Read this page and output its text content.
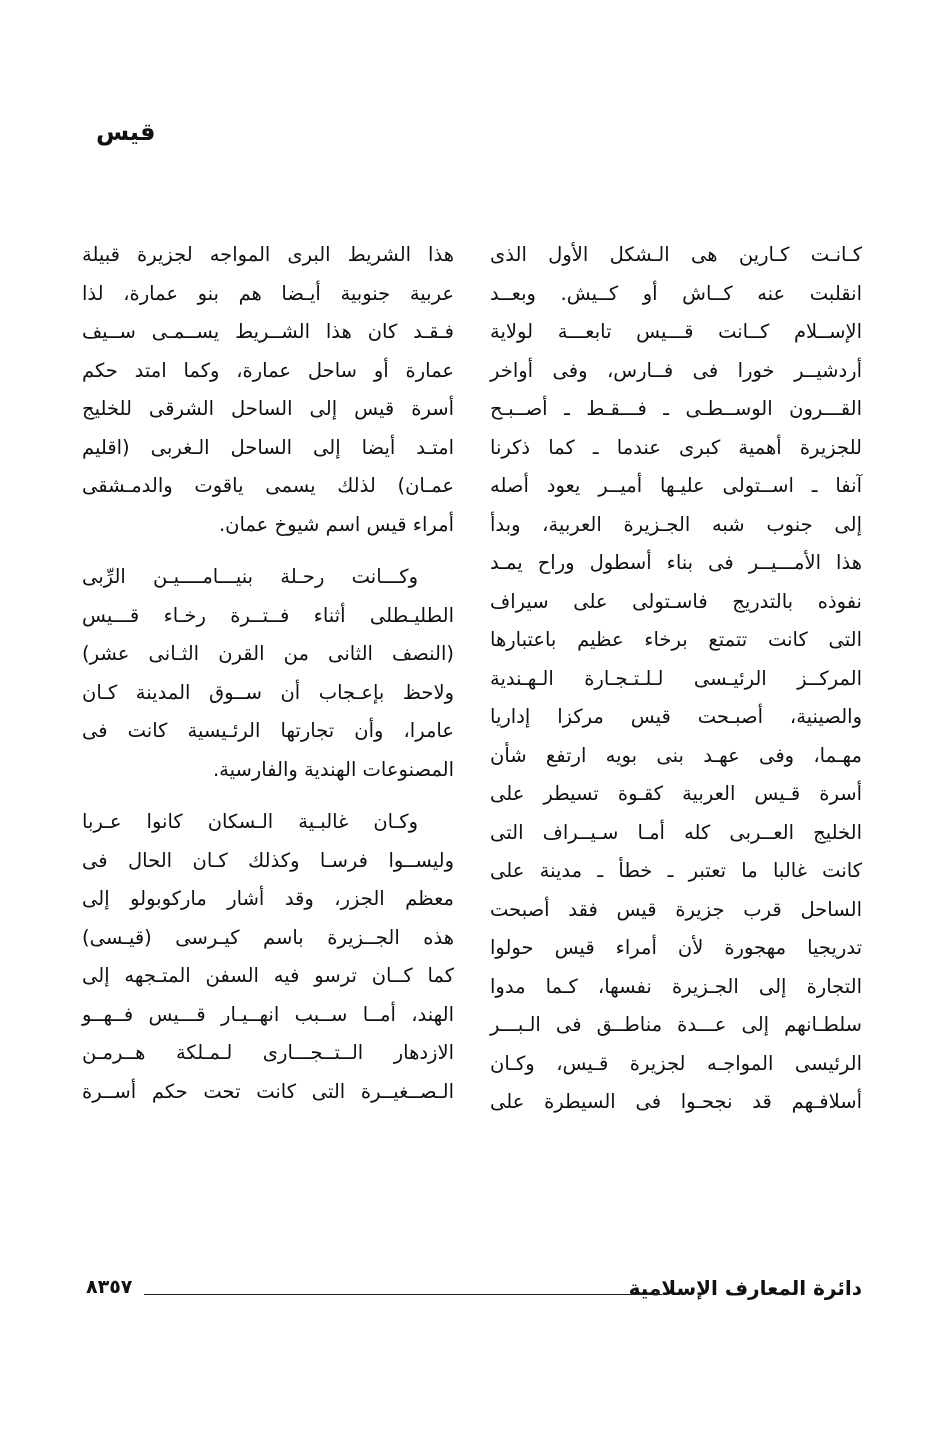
قيس

كـانـت كـارين هى الـشكل الأول الذى

انقلبت عنه كــاش أو كــيش. وبعــد

الإســلام كــانت قـــيس تابعـــة لولاية

أردشيــر خورا فى فــارس، وفى أواخر

القـــرون الوســطـى ـ فـــقـط ـ أصــبـح

للجزيرة أهمية كبرى عندما ـ كما ذكرنا

آنفا ـ اســتولى عليـها أميــر يعود أصله

إلى جنوب شبه الجـزيرة العربية، وبدأ

هذا الأمـــيــر فى بناء أسطول وراح يمـد

نفوذه بالتدريج فاسـتولى على سيراف

التى كانت تتمتع برخاء عظيم باعتبارها

المركــز الرئيـسى لـلـتـجـارة الـهـندية

والصينية، أصبـحت قيس مركزا إداريا

مهـما، وفى عهـد بنى بويه ارتفع شأن

أسرة قـيس العربية كقـوة تسيطر على

الخليج العــربى كله أمـا سـيــراف التى

كانت غالبا ما تعتبر ـ خطأ ـ مدينة على

الساحل قرب جزيرة قيس فقد أصبحت

تدريجيا مهجورة لأن أمراء قيس حولوا

التجارة إلى الجـزيرة نفسها، كـما مدوا

سلطـانهم إلى عـــدة مناطــق فى الـبـــر

الرئيسى المواجـه لجزيرة قـيس، وكـان

أسلافـهم قد نجحـوا فى السيطرة على

هذا الشريط البرى المواجه لجزيرة قبيلة

عربية جنوبية أيـضا هم بنو عمارة، لذا

فـقـد كان هذا الشــريط يســمـى ســيف

عمارة أو ساحل عمارة، وكما امتد حكم

أسرة قيس إلى الساحل الشرقى للخليج

امتـد أيضا إلى الساحل الـغربى (اقليم

عمـان) لذلك يسمى ياقوت والدمـشقى

أمراء قيس اسم شيوخ عمان.

وكـــانت رحـلة بنيـــامــــيـن الرِّبى

الطليـطلى أثناء فــتــرة رخـاء قـــيس

(النصف الثانى من القرن الثـانى عشر)

ولاحظ بإعـجاب أن ســوق المدينة كـان

عامرا، وأن تجارتها الرئـيسية كانت فى

المصنوعات الهندية والفارسية.

وكـان غالبـية الـسكان كانوا عـربا

وليســوا فرسـا وكذلك كـان الحال فى

معظم الجزر، وقد أشار ماركوبولو إلى

هذه الجــزيرة باسم كيـرسى (قيـسى)

كما كــان ترسو فيه السفن المتـجهه إلى

الهند، أمــا ســبب انهــيـار قـــيس فــهــو

الازدهار الــتــجـــارى لـمـلكة هــرمـن

الـصــغيــرة التى كانت تحت حكم أســرة

دائرة المعارف الإسلامية
٨٣٥٧
